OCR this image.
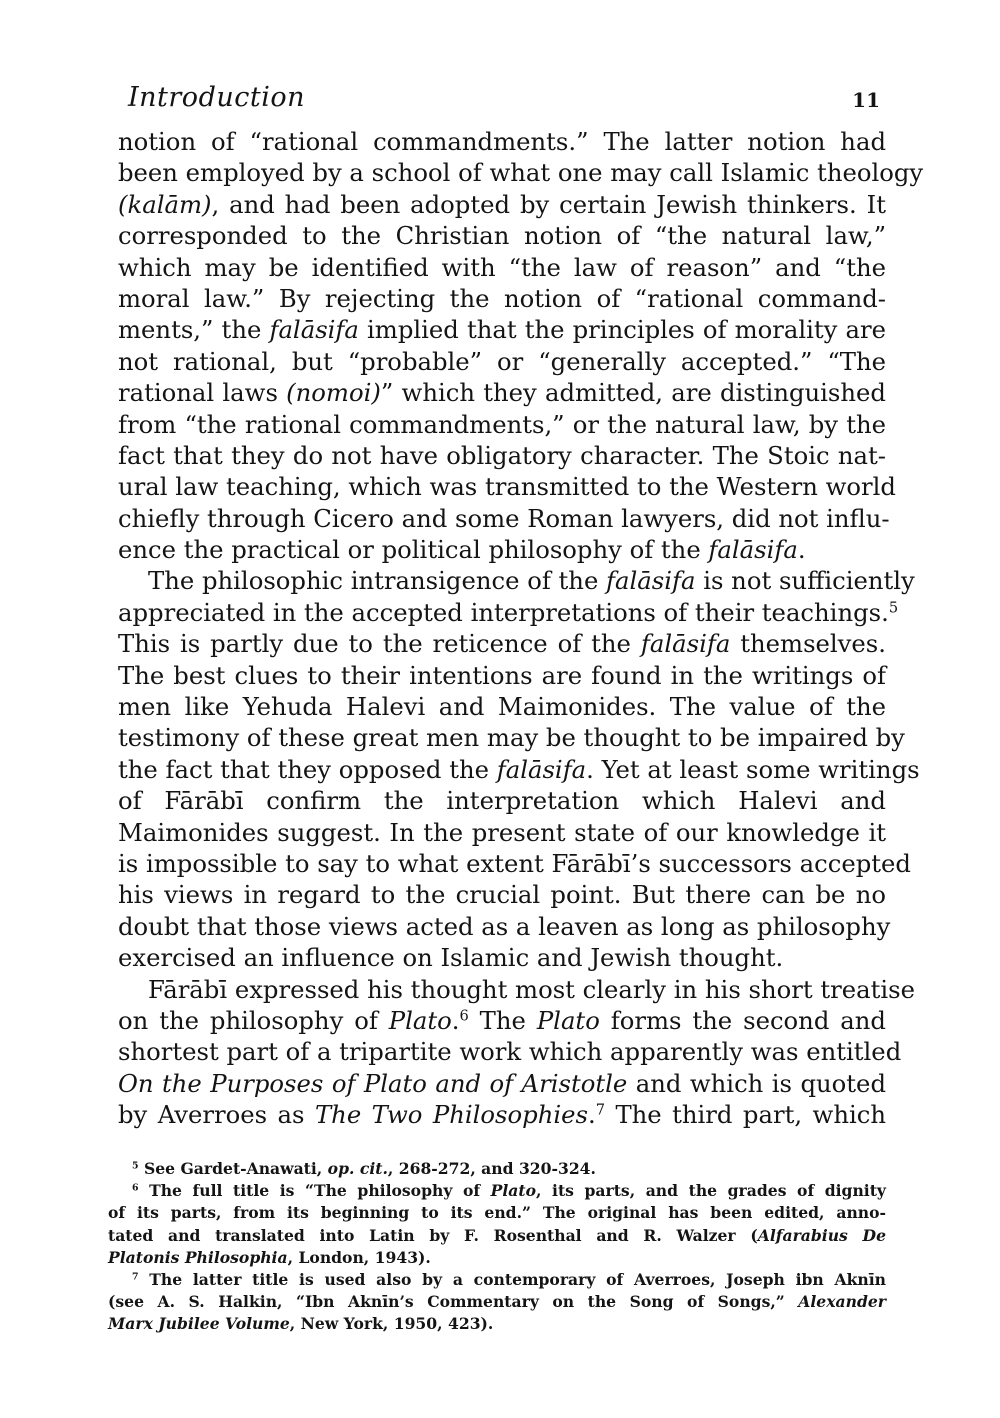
Introduction	11
notion of “rational commandments.” The latter notion had
been employed by a school of what one may call Islamic theology
(kalām), and had been adopted by certain Jewish thinkers. It
corresponded to the Christian notion of “the natural law,”
which may be identified with “the law of reason” and “the
moral law.” By rejecting the notion of “rational command-
ments,” the falāsifa implied that the principles of morality are
not rational, but “probable” or “generally accepted.” “The
rational laws (nomoi)” which they admitted, are distinguished
from “the rational commandments,” or the natural law, by the
fact that they do not have obligatory character. The Stoic nat-
ural law teaching, which was transmitted to the Western world
chiefly through Cicero and some Roman lawyers, did not influ-
ence the practical or political philosophy of the falāsifa.
The philosophic intransigence of the falāsifa is not sufficiently
appreciated in the accepted interpretations of their teachings.$^5$
This is partly due to the reticence of the falāsifa themselves.
The best clues to their intentions are found in the writings of
men like Yehuda Halevi and Maimonides. The value of the
testimony of these great men may be thought to be impaired by
the fact that they opposed the falāsifa. Yet at least some writings
of Fārābī confirm the interpretation which Halevi and
Maimonides suggest. In the present state of our knowledge it
is impossible to say to what extent Fārābī’s successors accepted
his views in regard to the crucial point. But there can be no
doubt that those views acted as a leaven as long as philosophy
exercised an influence on Islamic and Jewish thought.
Fārābī expressed his thought most clearly in his short treatise
on the philosophy of Plato.$^6$ The Plato forms the second and
shortest part of a tripartite work which apparently was entitled
On the Purposes of Plato and of Aristotle and which is quoted
by Averroes as The Two Philosophies.$^7$ The third part, which
$^5$ See Gardet-Anawati, op. cit., 268-272, and 320-324.
$^6$ The full title is “The philosophy of Plato, its parts, and the grades of dignity
of its parts, from its beginning to its end.” The original has been edited, anno-
tated and translated into Latin by F. Rosenthal and R. Walzer (Alfarabius De
Platonis Philosophia, London, 1943).
$^7$ The latter title is used also by a contemporary of Averroes, Joseph ibn Aknīn
(see A. S. Halkin, “Ibn Aknīn’s Commentary on the Song of Songs,” Alexander
Marx Jubilee Volume, New York, 1950, 423).
